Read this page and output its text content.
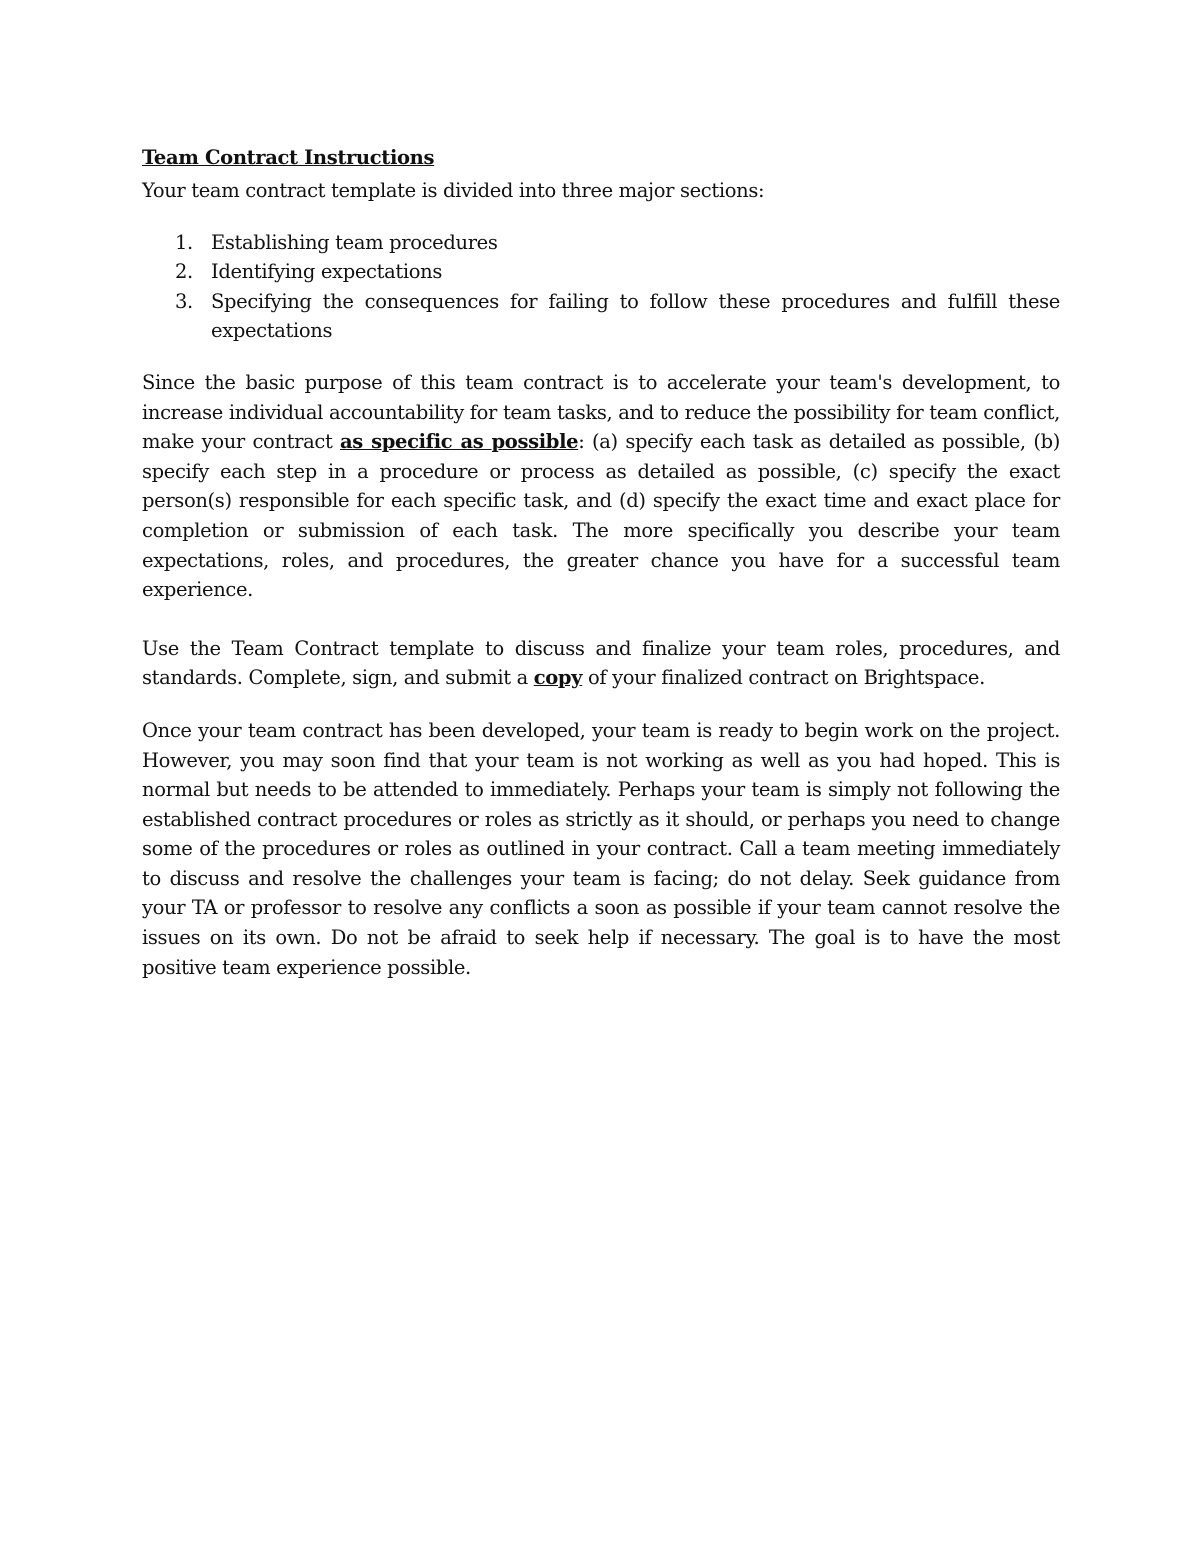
Team Contract Instructions

Your team contract template is divided into three major sections:

1. Establishing team procedures
2. Identifying expectations
3. Specifying the consequences for failing to follow these procedures and fulfill these expectations

Since the basic purpose of this team contract is to accelerate your team's development, to increase individual accountability for team tasks, and to reduce the possibility for team conflict, make your contract as specific as possible: (a) specify each task as detailed as possible, (b) specify each step in a procedure or process as detailed as possible, (c) specify the exact person(s) responsible for each specific task, and (d) specify the exact time and exact place for completion or submission of each task. The more specifically you describe your team expectations, roles, and procedures, the greater chance you have for a successful team experience.

Use the Team Contract template to discuss and finalize your team roles, procedures, and standards. Complete, sign, and submit a copy of your finalized contract on Brightspace.

Once your team contract has been developed, your team is ready to begin work on the project. However, you may soon find that your team is not working as well as you had hoped. This is normal but needs to be attended to immediately. Perhaps your team is simply not following the established contract procedures or roles as strictly as it should, or perhaps you need to change some of the procedures or roles as outlined in your contract. Call a team meeting immediately to discuss and resolve the challenges your team is facing; do not delay. Seek guidance from your TA or professor to resolve any conflicts a soon as possible if your team cannot resolve the issues on its own. Do not be afraid to seek help if necessary. The goal is to have the most positive team experience possible.
